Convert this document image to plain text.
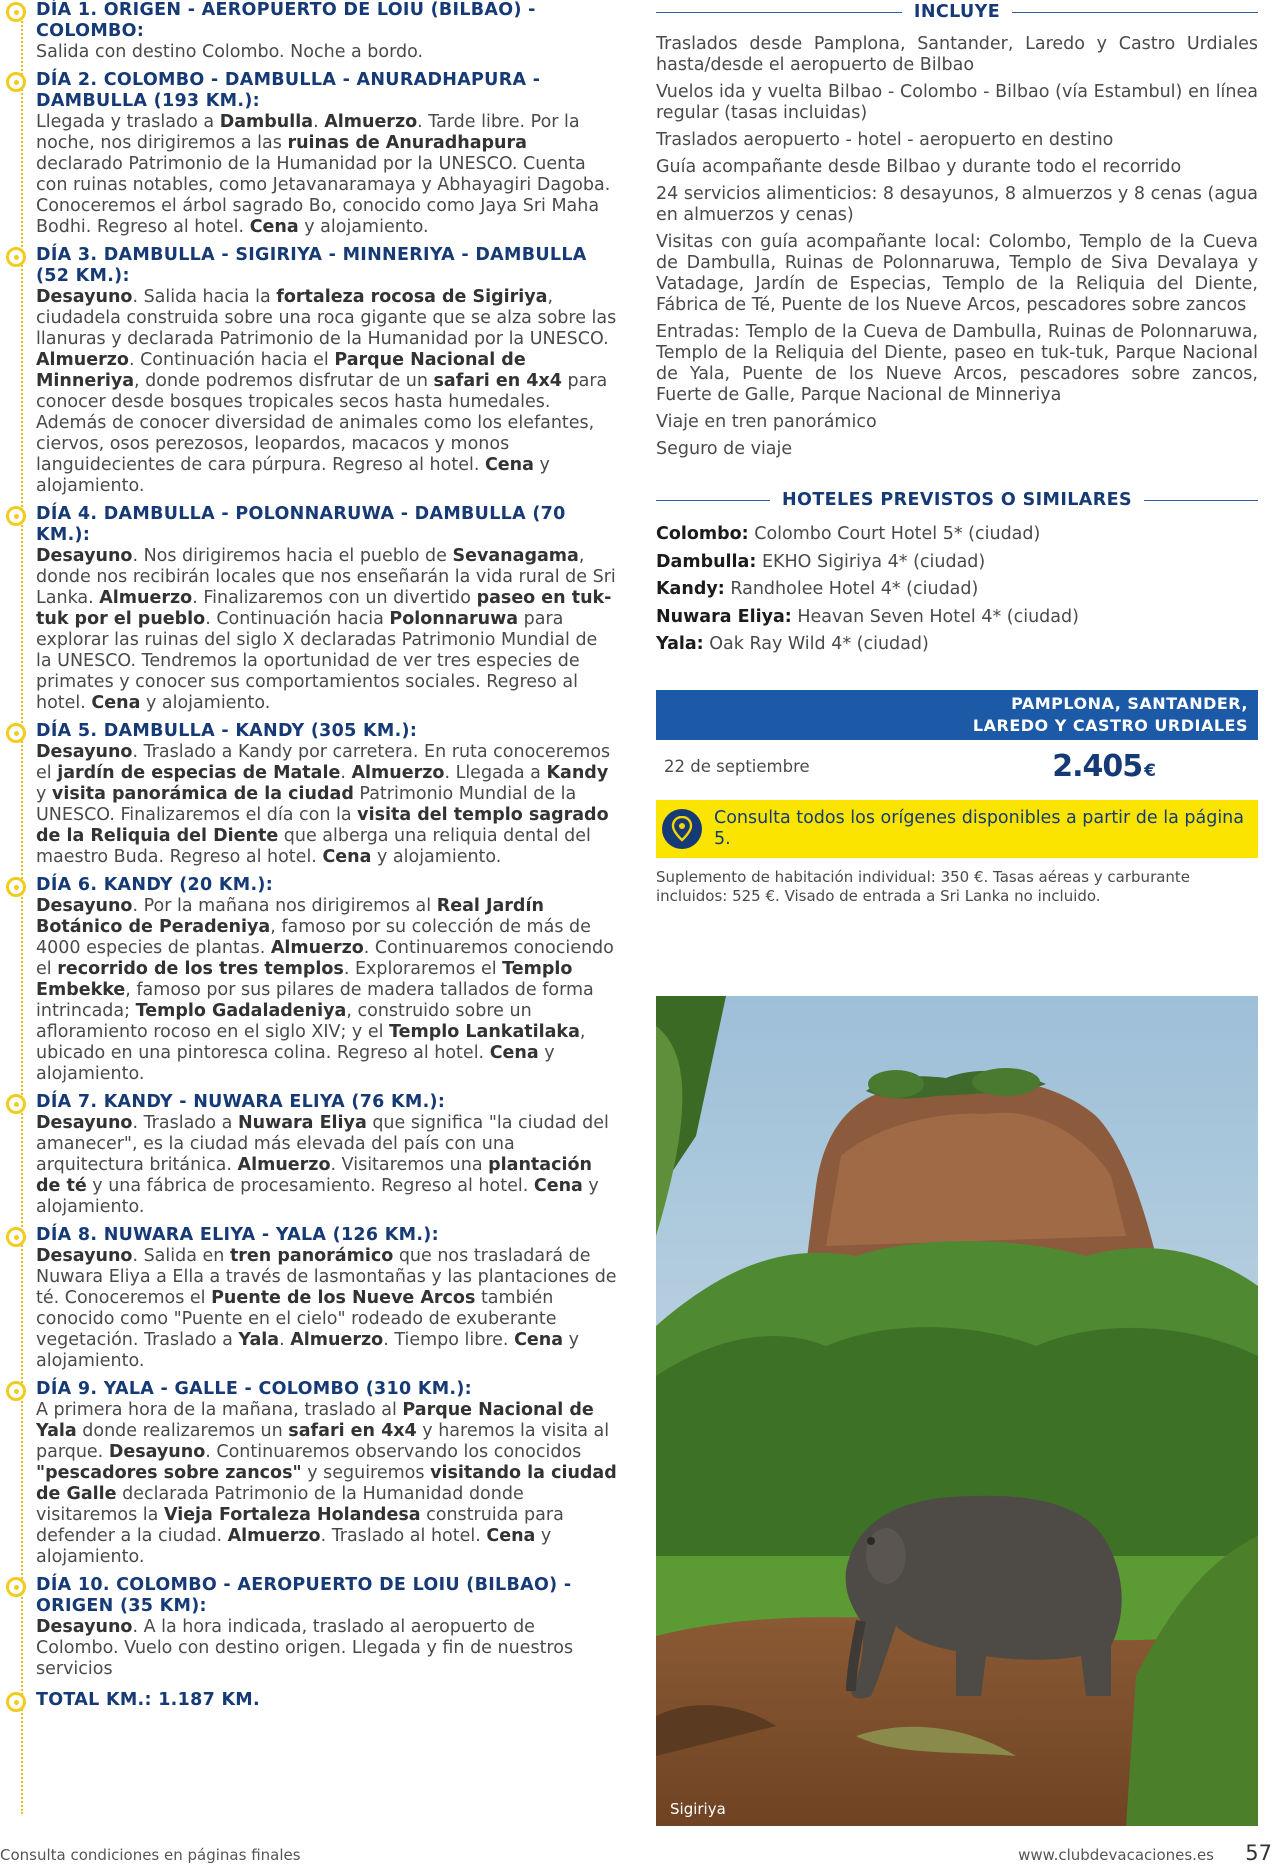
DÍA 1. ORIGEN - AEROPUERTO DE LOIU (BILBAO) - COLOMBO:

Salida con destino Colombo. Noche a bordo.

DÍA 2. COLOMBO - DAMBULLA - ANURADHAPURA - DAMBULLA (193 KM.):

Llegada y traslado a Dambulla. Almuerzo. Tarde libre. Por la noche, nos dirigiremos a las ruinas de Anuradhapura declarado Patrimonio de la Humanidad por la UNESCO. Cuenta con ruinas notables, como Jetavanaramaya y Abhayagiri Dagoba. Conoceremos el árbol sagrado Bo, conocido como Jaya Sri Maha Bodhi. Regreso al hotel. Cena y alojamiento.

DÍA 3. DAMBULLA - SIGIRIYA - MINNERIYA - DAMBULLA (52 KM.):

Desayuno. Salida hacia la fortaleza rocosa de Sigiriya, ciudadela construida sobre una roca gigante que se alza sobre las llanuras y declarada Patrimonio de la Humanidad por la UNESCO. Almuerzo. Continuación hacia el Parque Nacional de Minneriya, donde podremos disfrutar de un safari en 4x4 para conocer desde bosques tropicales secos hasta humedales. Además de conocer diversidad de animales como los elefantes, ciervos, osos perezosos, leopardos, macacos y monos languidecientes de cara púrpura. Regreso al hotel. Cena y alojamiento.

DÍA 4. DAMBULLA - POLONNARUWA - DAMBULLA (70 KM.):

Desayuno. Nos dirigiremos hacia el pueblo de Sevanagama, donde nos recibirán locales que nos enseñarán la vida rural de Sri Lanka. Almuerzo. Finalizaremos con un divertido paseo en tuk-tuk por el pueblo. Continuación hacia Polonnaruwa para explorar las ruinas del siglo X declaradas Patrimonio Mundial de la UNESCO. Tendremos la oportunidad de ver tres especies de primates y conocer sus comportamientos sociales. Regreso al hotel. Cena y alojamiento.

DÍA 5. DAMBULLA - KANDY (305 KM.):

Desayuno. Traslado a Kandy por carretera. En ruta conoceremos el jardín de especias de Matale. Almuerzo. Llegada a Kandy y visita panorámica de la ciudad Patrimonio Mundial de la UNESCO. Finalizaremos el día con la visita del templo sagrado de la Reliquia del Diente que alberga una reliquia dental del maestro Buda. Regreso al hotel. Cena y alojamiento.

DÍA 6. KANDY (20 KM.):

Desayuno. Por la mañana nos dirigiremos al Real Jardín Botánico de Peradeniya, famoso por su colección de más de 4000 especies de plantas. Almuerzo. Continuaremos conociendo el recorrido de los tres templos. Exploraremos el Templo Embekke, famoso por sus pilares de madera tallados de forma intrincada; Templo Gadaladeniya, construido sobre un afloramiento rocoso en el siglo XIV; y el Templo Lankatilaka, ubicado en una pintoresca colina. Regreso al hotel. Cena y alojamiento.

DÍA 7. KANDY - NUWARA ELIYA (76 KM.):

Desayuno. Traslado a Nuwara Eliya que significa "la ciudad del amanecer", es la ciudad más elevada del país con una arquitectura británica. Almuerzo. Visitaremos una plantación de té y una fábrica de procesamiento. Regreso al hotel. Cena y alojamiento.

DÍA 8. NUWARA ELIYA - YALA (126 KM.):

Desayuno. Salida en tren panorámico que nos trasladará de Nuwara Eliya a Ella a través de lasmontañas y las plantaciones de té. Conoceremos el Puente de los Nueve Arcos también conocido como "Puente en el cielo" rodeado de exuberante vegetación. Traslado a Yala. Almuerzo. Tiempo libre. Cena y alojamiento.

DÍA 9. YALA - GALLE - COLOMBO (310 KM.):

A primera hora de la mañana, traslado al Parque Nacional de Yala donde realizaremos un safari en 4x4 y haremos la visita al parque. Desayuno. Continuaremos observando los conocidos "pescadores sobre zancos" y seguiremos visitando la ciudad de Galle declarada Patrimonio de la Humanidad donde visitaremos la Vieja Fortaleza Holandesa construida para defender a la ciudad. Almuerzo. Traslado al hotel. Cena y alojamiento.

DÍA 10. COLOMBO - AEROPUERTO DE LOIU (BILBAO) - ORIGEN (35 KM):

Desayuno. A la hora indicada, traslado al aeropuerto de Colombo. Vuelo con destino origen. Llegada y fin de nuestros servicios

TOTAL KM.: 1.187 KM.

INCLUYE

Traslados desde Pamplona, Santander, Laredo y Castro Urdiales hasta/desde el aeropuerto de Bilbao

Vuelos ida y vuelta Bilbao - Colombo - Bilbao (vía Estambul) en línea regular (tasas incluidas)

Traslados aeropuerto - hotel - aeropuerto en destino

Guía acompañante desde Bilbao y durante todo el recorrido

24 servicios alimenticios: 8 desayunos, 8 almuerzos y 8 cenas (agua en almuerzos y cenas)

Visitas con guía acompañante local: Colombo, Templo de la Cueva de Dambulla, Ruinas de Polonnaruwa, Templo de Siva Devalaya y Vatadage, Jardín de Especias, Templo de la Reliquia del Diente, Fábrica de Té, Puente de los Nueve Arcos, pescadores sobre zancos

Entradas: Templo de la Cueva de Dambulla, Ruinas de Polonnaruwa, Templo de la Reliquia del Diente, paseo en tuk-tuk, Parque Nacional de Yala, Puente de los Nueve Arcos, pescadores sobre zancos, Fuerte de Galle, Parque Nacional de Minneriya

Viaje en tren panorámico

Seguro de viaje

HOTELES PREVISTOS O SIMILARES

Colombo: Colombo Court Hotel 5* (ciudad)

Dambulla: EKHO Sigiriya 4* (ciudad)

Kandy: Randholee Hotel 4* (ciudad)

Nuwara Eliya: Heavan Seven Hotel 4* (ciudad)

Yala: Oak Ray Wild 4* (ciudad)

PAMPLONA, SANTANDER,
LAREDO Y CASTRO URDIALES
22 de septiembre	2.405 €
Consulta todos los orígenes disponibles a partir de la página 5.
Suplemento de habitación individual: 350 €. Tasas aéreas y carburante incluidos: 525 €. Visado de entrada a Sri Lanka no incluido.
Sigiriya
Consulta condiciones en páginas finales	www.clubdevacaciones.es 57
